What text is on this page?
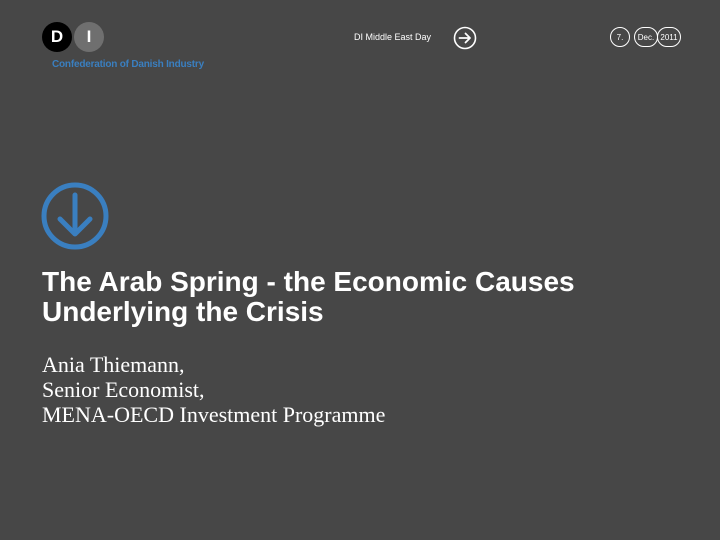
D	I
Confederation of Danish Industry
DI Middle East Day	7.	Dec. 2011
The Arab Spring - the Economic Causes
Underlying the Crisis
Ania Thiemann,
Senior Economist,
MENA-OECD Investment Programme
